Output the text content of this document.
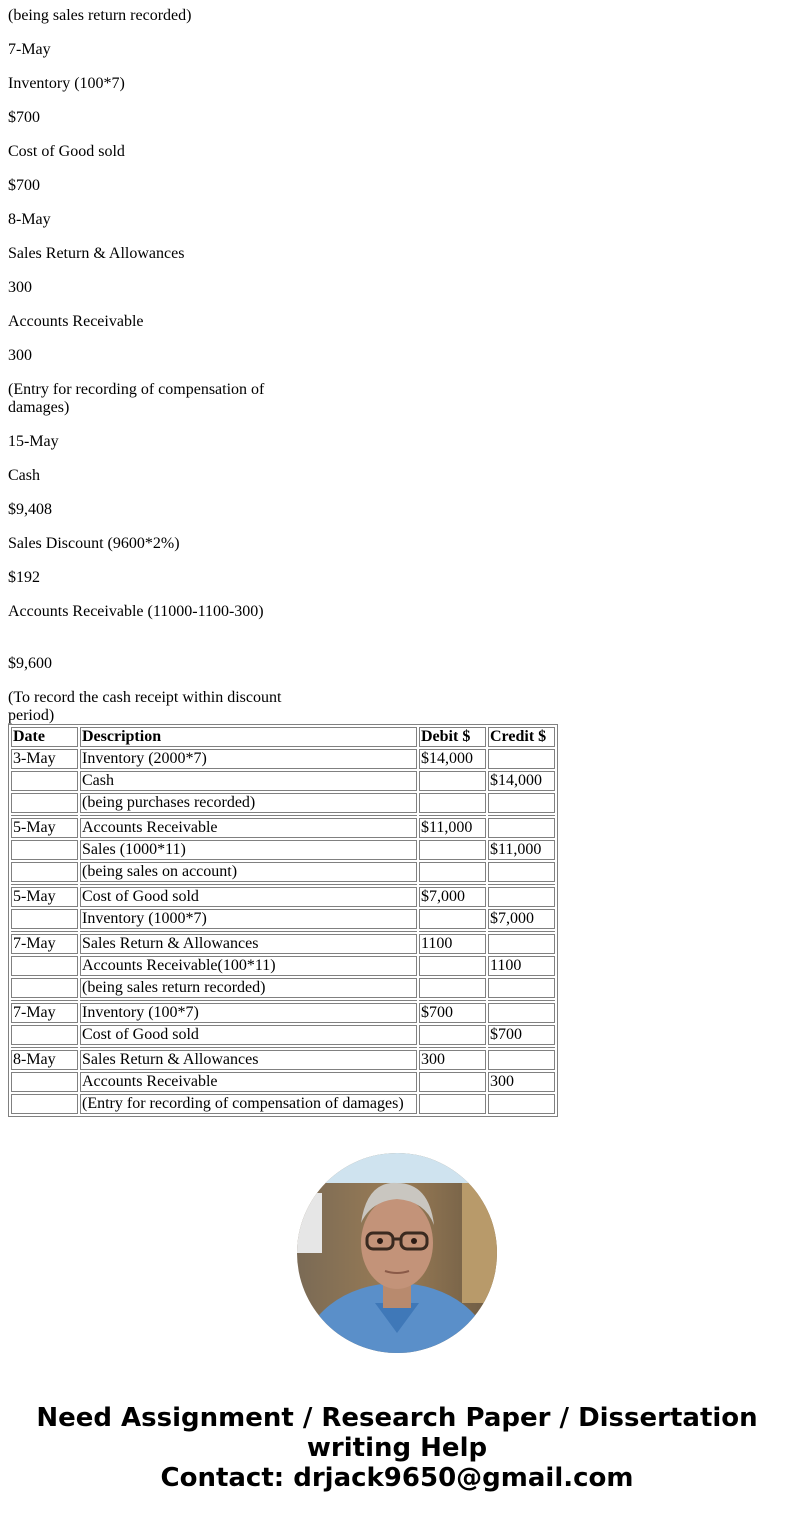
(being sales return recorded)

7-May

Inventory (100*7)

$700

Cost of Good sold

$700

8-May

Sales Return & Allowances

300

Accounts Receivable

300

(Entry for recording of compensation of damages)

15-May

Cash

$9,408

Sales Discount (9600*2%)

$192

Accounts Receivable (11000-1100-300)

$9,600

(To record the cash receipt within discount period)

Date	Description	Debit $	Credit $
3-May	Inventory (2000*7)	$14,000	
	Cash		$14,000
	(being purchases recorded)		

5-May	Accounts Receivable	$11,000	
	Sales (1000*11)		$11,000
	(being sales on account)		

5-May	Cost of Good sold	$7,000	
	Inventory (1000*7)		$7,000

7-May	Sales Return & Allowances	1100	
	Accounts Receivable(100*11)		1100
	(being sales return recorded)		

7-May	Inventory (100*7)	$700	
	Cost of Good sold		$700

8-May	Sales Return & Allowances	300	
	Accounts Receivable		300
	(Entry for recording of compensation of damages)		
Need Assignment / Research Paper / Dissertation
writing Help
Contact: drjack9650@gmail.com
